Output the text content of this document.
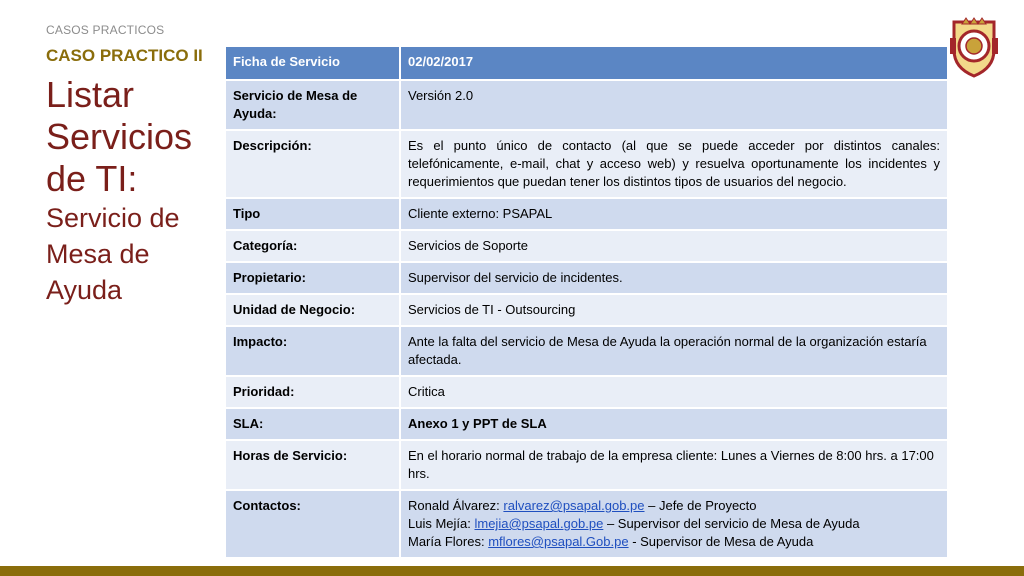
CASOS PRACTICOS
CASO PRACTICO II
Listar Servicios de TI:
Servicio de Mesa de Ayuda
Ficha de Servicio	02/02/2017
Servicio de Mesa de Ayuda:	Versión 2.0
Descripción:	Es el punto único de contacto (al que se puede acceder por distintos canales: telefónicamente, e-mail, chat y acceso web) y resuelva oportunamente los incidentes y requerimientos que puedan tener los distintos tipos de usuarios del negocio.
Tipo	Cliente externo: PSAPAL
Categoría:	Servicios de Soporte
Propietario:	Supervisor del servicio de incidentes.
Unidad de Negocio:	Servicios de TI - Outsourcing
Impacto:	Ante la falta del servicio de Mesa de Ayuda la operación normal de la organización estaría afectada.
Prioridad:	Critica
SLA:	Anexo 1 y PPT de SLA
Horas de Servicio:	En el horario normal de trabajo de la empresa cliente: Lunes a Viernes de 8:00 hrs. a 17:00 hrs.
Contactos:	Ronald Álvarez: ralvarez@psapal.gob.pe – Jefe de Proyecto
Luis Mejía: lmejia@psapal.gob.pe – Supervisor del servicio de Mesa de Ayuda
María Flores: mflores@psapal.Gob.pe - Supervisor de Mesa de Ayuda
